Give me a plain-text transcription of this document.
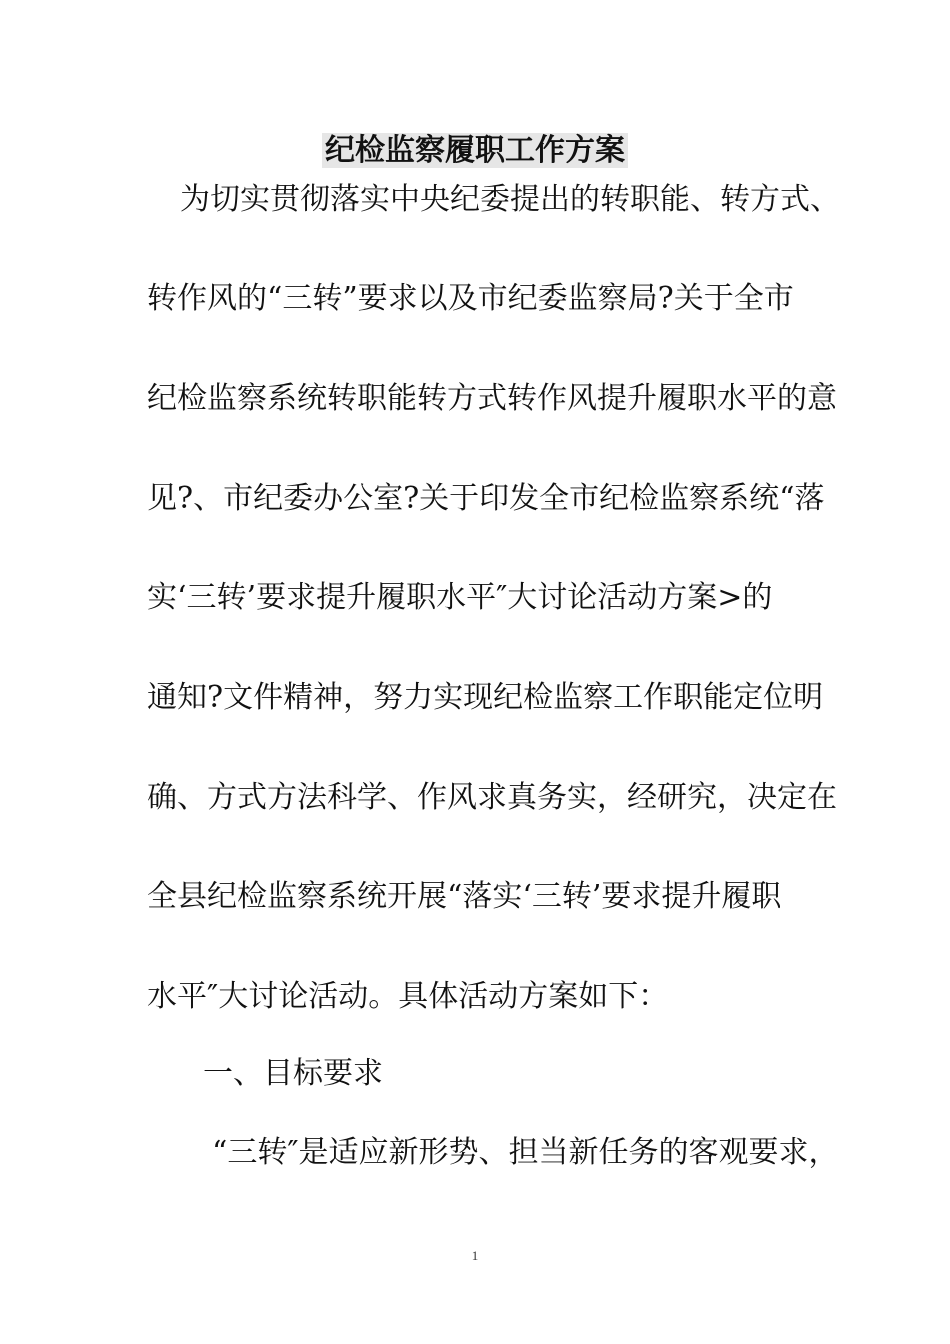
纪检监察履职工作方案

为切实贯彻落实中央纪委提出的转职能、转方式、

转作风的“三转”要求以及市纪委监察局?关于全市

纪检监察系统转职能转方式转作风提升履职水平的意

见?、市纪委办公室?关于印发全市纪检监察系统“落

实‘三转’要求提升履职水平″大讨论活动方案>的

通知?文件精神，努力实现纪检监察工作职能定位明

确、方式方法科学、作风求真务实，经研究，决定在

全县纪检监察系统开展“落实‘三转’要求提升履职

水平″大讨论活动。具体活动方案如下：

一、目标要求

“三转″是适应新形势、担当新任务的客观要求，

1
